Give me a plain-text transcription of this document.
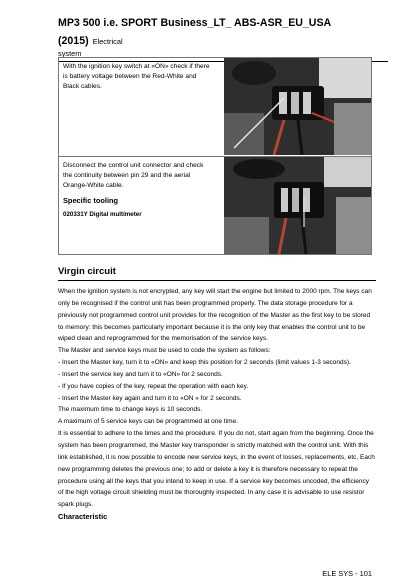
MP3 500 i.e. SPORT Business_LT_ ABS-ASR_EU_USA (2015) Electrical
system

With the ignition key switch at «ON» check if there is battery voltage between the Red-White and Black cables.

Disconnect the control unit connector and check the continuity between pin 29 and the aerial Orange-White cable.

Specific tooling

020331Y Digital multimeter

Virgin circuit

When the ignition system is not encrypted, any key will start the engine but limited to 2000 rpm. The keys can only be recognised if the control unit has been programmed properly. The data storage procedure for a previously not programmed control unit provides for the recognition of the Master as the first key to be stored to memory: this becomes particularly important because it is the only key that enables the control unit to be wiped clean and reprogrammed for the memorisation of the service keys.

The Master and service keys must be used to code the system as follows:

- Insert the Master key, turn it to «ON» and keep this position for 2 seconds (limit values 1-3 seconds).

- Insert the service key and turn it to «ON» for 2 seconds.

- If you have copies of the key, repeat the operation with each key.

- Insert the Master key again and turn it to «ON » for 2 seconds.

The maximum time to change keys is 10 seconds.

A maximum of 5 service keys can be programmed at one time.

It is essential to adhere to the times and the procedure. If you do not, start again from the beginning. Once the system has been programmed, the Master key transponder is strictly matched with the control unit. With this link established, it is now possible to encode new service keys, in the event of losses, replacements, etc. Each new programming deletes the previous one; to add or delete a key it is therefore necessary to repeat the procedure using all the keys that you intend to keep in use. If a service key becomes uncoded, the efficiency of the high voltage circuit shielding must be thoroughly inspected. In any case it is advisable to use resistor spark plugs.

Characteristic

ELE SYS - 101
